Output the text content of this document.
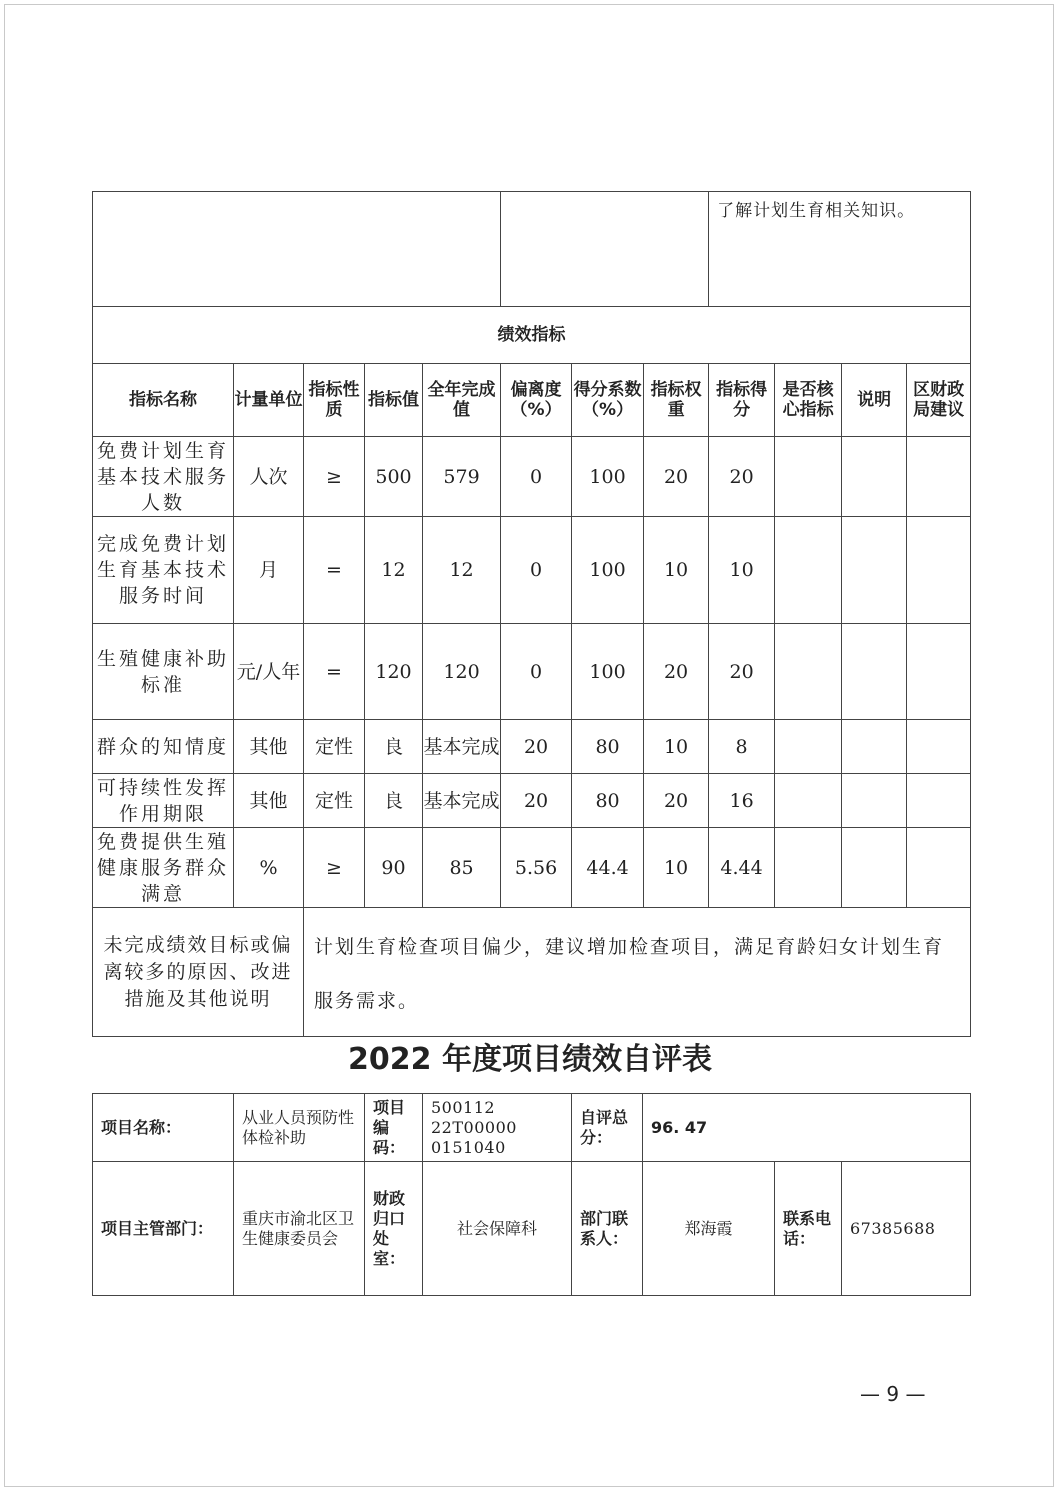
								了解计划生育相关知识。			
绩效指标											
指标名称	计量单位	指标性质	指标值	全年完成值	偏离度（%）	得分系数（%）	指标权重	指标得分	是否核心指标	说明	区财政局建议
免费计划生育基本技术服务人数	人次	≥	500	579	0	100	20	20			
完成免费计划生育基本技术服务时间	月	=	12	12	0	100	10	10			
生殖健康补助标准	元/人年	=	120	120	0	100	20	20			
群众的知情度	其他	定性	良	基本完成	20	80	10	8			
可持续性发挥作用期限	其他	定性	良	基本完成	20	80	20	16			
免费提供生殖健康服务群众满意	%	≥	90	85	5.56	44.4	10	4.44			
未完成绩效目标或偏离较多的原因、改进措施及其他说明		计划生育检查项目偏少，建议增加检查项目，满足育龄妇女计划生育服务需求。									
2022 年度项目绩效自评表
项目名称：	从业人员预防性体检补助	项目编码：	500112​22T00000​0151040	自评总分：	96. 47		
项目主管部门：	重庆市渝北区卫生健康委员会	财政归口处室：	社会保障科	部门联系人：	郑海霞	联系电话：	67385688
— 9 —
